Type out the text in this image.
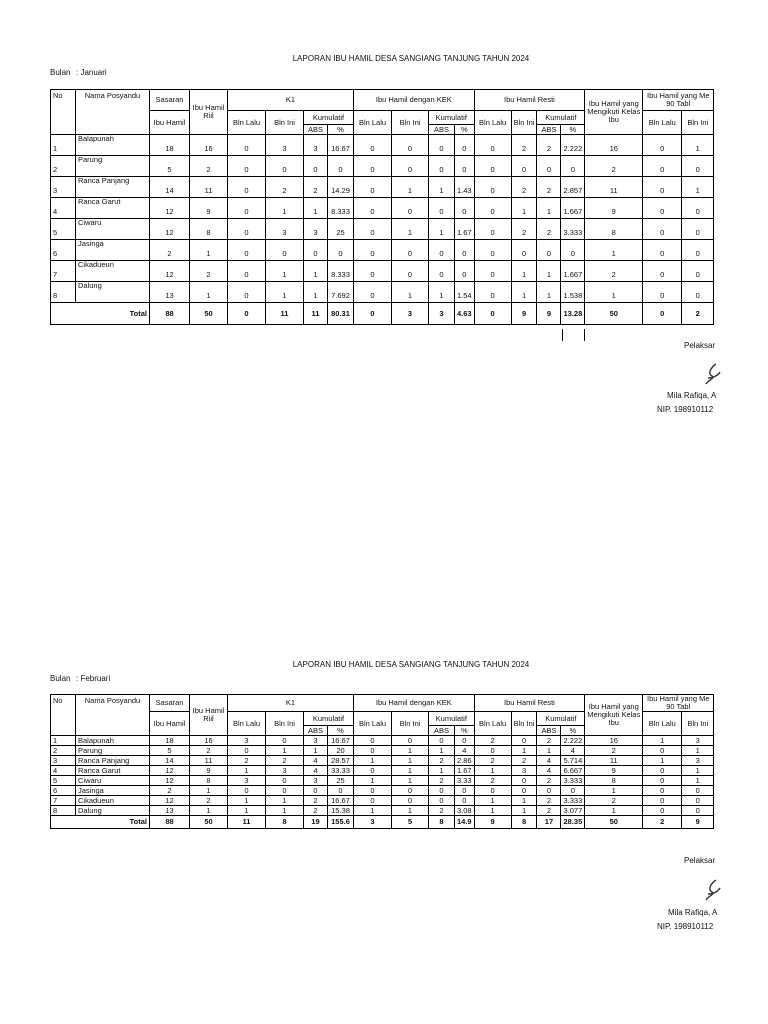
LAPORAN IBU HAMIL DESA SANGIANG TANJUNG TAHUN 2024
Bulan : Januari
No	Nama Posyandu	Sasaran	Ibu Hamil Riil	K1				Ibu Hamil dengan KEK				Ibu Hamil Resti				Ibu Hamil yang Mengikuti Kelas Ibu	Ibu Hamil yang Me 90 Tabl	
		Ibu Hamil		Bln Lalu	Bln Ini	Kumulatif		Bln Lalu	Bln Ini	Kumulatif		Bln Lalu	Bln Ini	Kumulatif			Bln Lalu	Bln Ini
						ABS	%			ABS	%			ABS	%			
1	Balapunah	18	16	0	3	3	16.67	0	0	0	0	0	2	2	2.222	16	0	1
2	Parung	5	2	0	0	0	0	0	0	0	0	0	0	0	0	2	0	0
3	Ranca Panjang	14	11	0	2	2	14.29	0	1	1	1.43	0	2	2	2.857	11	0	1
4	Ranca Garut	12	9	0	1	1	8.333	0	0	0	0	0	1	1	1.667	9	0	0
5	Ciwaru	12	8	0	3	3	25	0	1	1	1.67	0	2	2	3.333	8	0	0
6	Jasinga	2	1	0	0	0	0	0	0	0	0	0	0	0	0	1	0	0
7	Cikadueun	12	2	0	1	1	8.333	0	0	0	0	0	1	1	1.667	2	0	0
8	Dalung	13	1	0	1	1	7.692	0	1	1	1.54	0	1	1	1.538	1	0	0
Total		88	50	0	11	11	80.31	0	3	3	4.63	0	9	9	13.28	50	0	2
Pelaksar
Mila Rafiqa, A
NIP. 198910112
LAPORAN IBU HAMIL DESA SANGIANG TANJUNG TAHUN 2024
Bulan : Februari
No	Nama Posyandu	Sasaran	Ibu Hamil Riil	K1				Ibu Hamil dengan KEK				Ibu Hamil Resti				Ibu Hamil yang Mengikuti Kelas Ibu	Ibu Hamil yang Me 90 Tabl	
		Ibu Hamil		Bln Lalu	Bln Ini	Kumulatif		Bln Lalu	Bln Ini	Kumulatif		Bln Lalu	Bln Ini	Kumulatif			Bln Lalu	Bln Ini
						ABS	%			ABS	%			ABS	%			
1	Balapunah	18	16	3	0	3	16.67	0	0	0	0	2	0	2	2.222	16	1	3
2	Parung	5	2	0	1	1	20	0	1	1	4	0	1	1	4	2	0	1
3	Ranca Panjang	14	11	2	2	4	28.57	1	1	2	2.86	2	2	4	5.714	11	1	3
4	Ranca Garut	12	9	1	3	4	33.33	0	1	1	1.67	1	3	4	6.667	9	0	1
5	Ciwaru	12	8	3	0	3	25	1	1	2	3.33	2	0	2	3.333	8	0	1
6	Jasinga	2	1	0	0	0	0	0	0	0	0	0	0	0	0	1	0	0
7	Cikadueun	12	2	1	1	2	16.67	0	0	0	0	1	1	2	3.333	2	0	0
8	Dalung	13	1	1	1	2	15.38	1	1	2	3.08	1	1	2	3.077	1	0	0
Total		88	50	11	8	19	155.6	3	5	8	14.9	9	8	17	28.35	50	2	9
Pelaksar
Mila Rafiqa, A
NIP. 198910112
